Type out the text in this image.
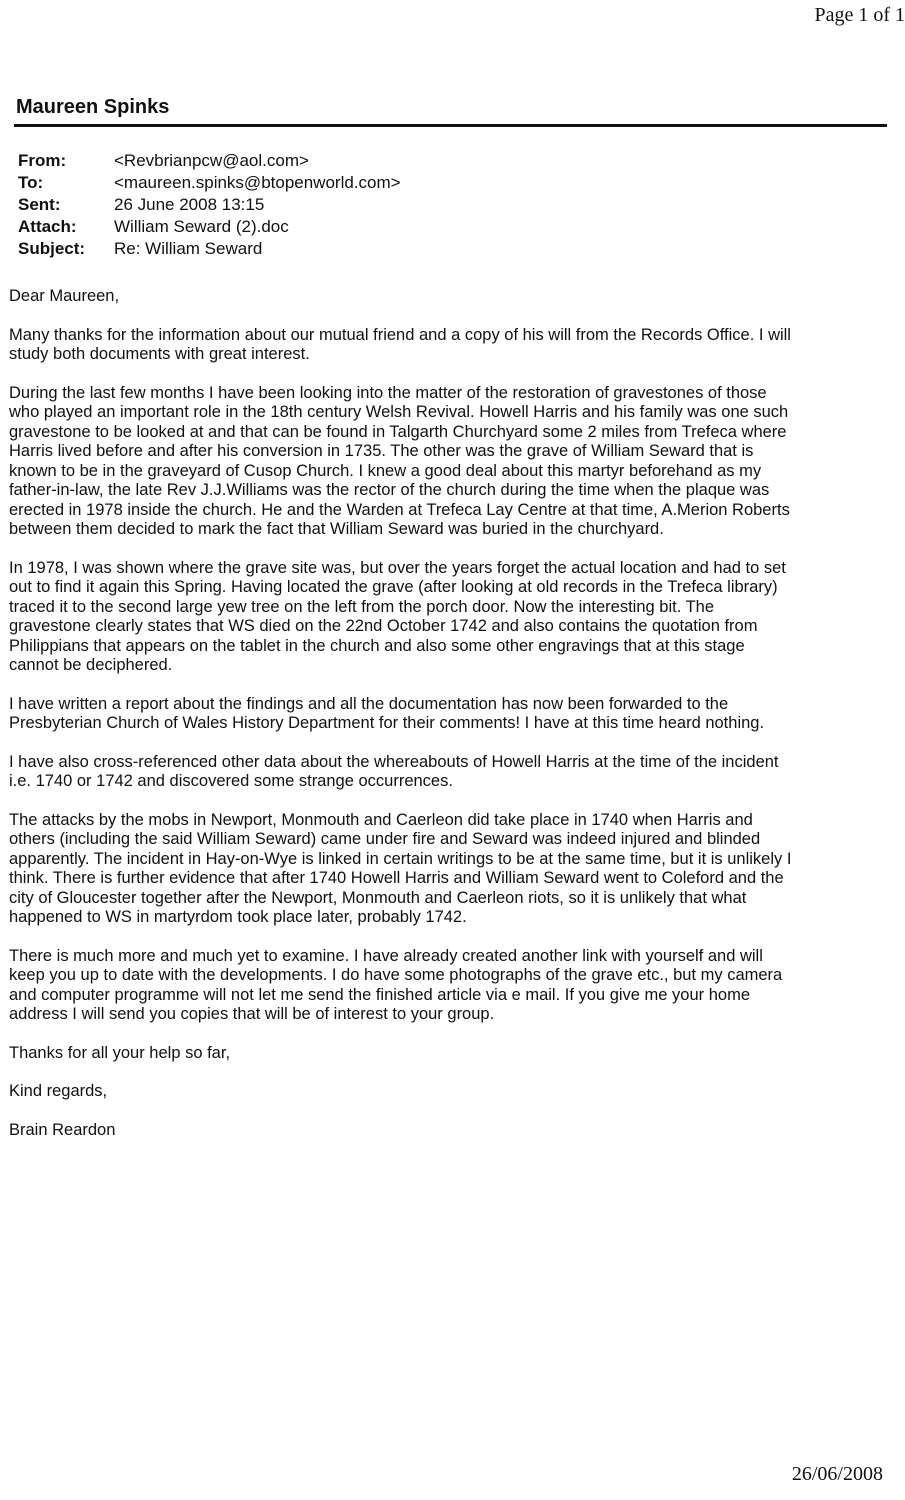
Page 1 of 1
Maureen Spinks
From:	<Revbrianpcw@aol.com>
To:	<maureen.spinks@btopenworld.com>
Sent:	26 June 2008 13:15
Attach:	William Seward (2).doc
Subject:	Re: William Seward

Dear Maureen,

Many thanks for the information about our mutual friend and a copy of his will from the Records Office. I will
study both documents with great interest.

During the last few months I have been looking into the matter of the restoration of gravestones of those
who played an important role in the 18th century Welsh Revival. Howell Harris and his family was one such
gravestone to be looked at and that can be found in Talgarth Churchyard some 2 miles from Trefeca where
Harris lived before and after his conversion in 1735. The other was the grave of William Seward that is
known to be in the graveyard of Cusop Church. I knew a good deal about this martyr beforehand as my
father-in-law, the late Rev J.J.Williams was the rector of the church during the time when the plaque was
erected in 1978 inside the church. He and the Warden at Trefeca Lay Centre at that time, A.Merion Roberts
between them decided to mark the fact that William Seward was buried in the churchyard.

In 1978, I was shown where the grave site was, but over the years forget the actual location and had to set
out to find it again this Spring. Having located the grave (after looking at old records in the Trefeca library)
traced it to the second large yew tree on the left from the porch door. Now the interesting bit. The
gravestone clearly states that WS died on the 22nd October 1742 and also contains the quotation from
Philippians that appears on the tablet in the church and also some other engravings that at this stage
cannot be deciphered.

I have written a report about the findings and all the documentation has now been forwarded to the
Presbyterian Church of Wales History Department for their comments! I have at this time heard nothing.

I have also cross-referenced other data about the whereabouts of Howell Harris at the time of the incident
i.e. 1740 or 1742 and discovered some strange occurrences.

The attacks by the mobs in Newport, Monmouth and Caerleon did take place in 1740 when Harris and
others (including the said William Seward) came under fire and Seward was indeed injured and blinded
apparently. The incident in Hay-on-Wye is linked in certain writings to be at the same time, but it is unlikely I
think. There is further evidence that after 1740 Howell Harris and William Seward went to Coleford and the
city of Gloucester together after the Newport, Monmouth and Caerleon riots, so it is unlikely that what
happened to WS in martyrdom took place later, probably 1742.

There is much more and much yet to examine. I have already created another link with yourself and will
keep you up to date with the developments. I do have some photographs of the grave etc., but my camera
and computer programme will not let me send the finished article via e mail. If you give me your home
address I will send you copies that will be of interest to your group.

Thanks for all your help so far,

Kind regards,

Brain Reardon

26/06/2008
